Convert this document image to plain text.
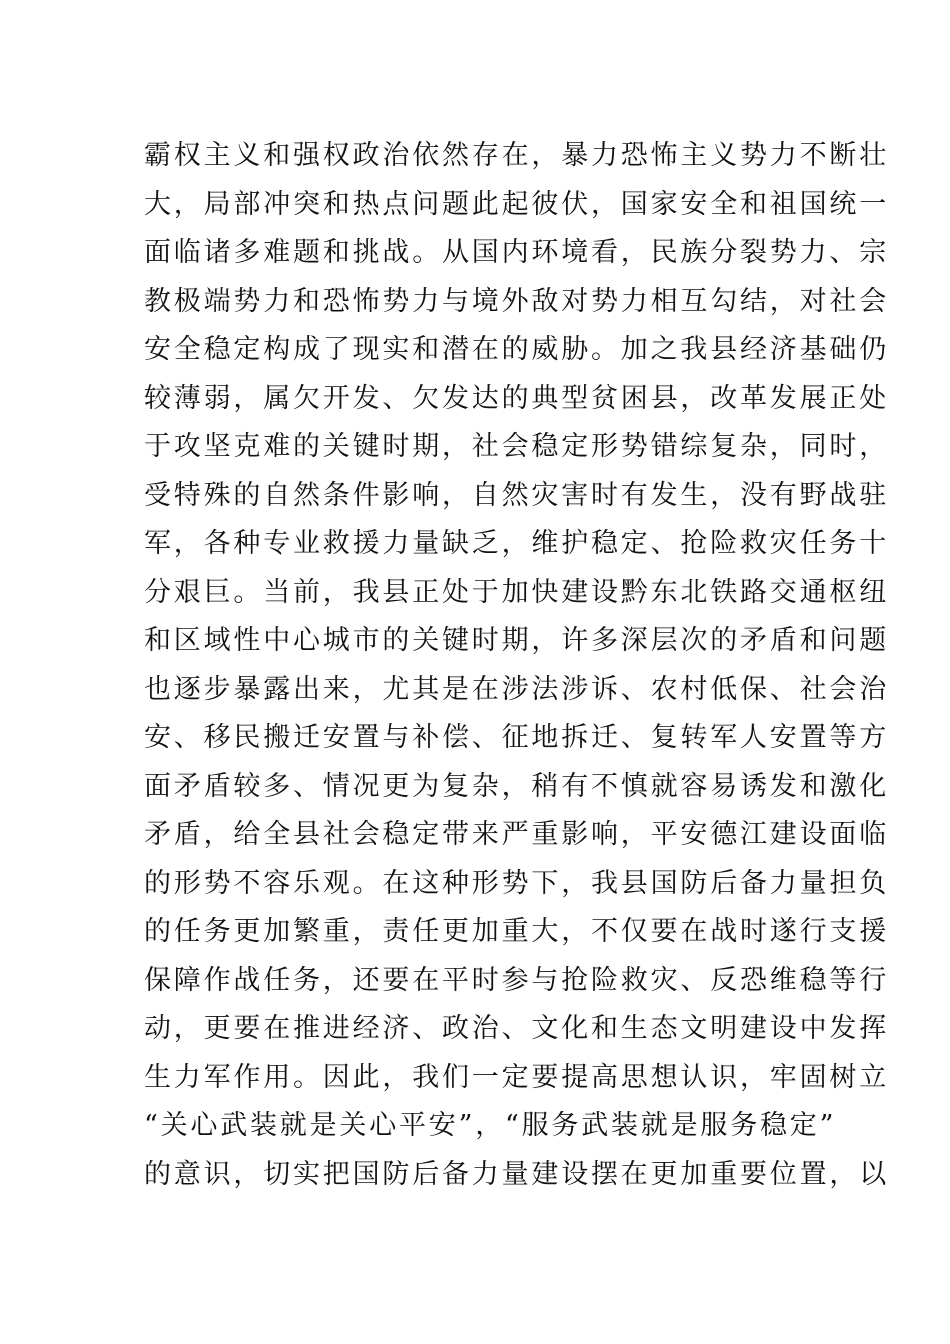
霸权主义和强权政治依然存在，暴力恐怖主义势力不断壮
大，局部冲突和热点问题此起彼伏，国家安全和祖国统一
面临诸多难题和挑战。从国内环境看，民族分裂势力、宗
教极端势力和恐怖势力与境外敌对势力相互勾结，对社会
安全稳定构成了现实和潜在的威胁。加之我县经济基础仍
较薄弱，属欠开发、欠发达的典型贫困县，改革发展正处
于攻坚克难的关键时期，社会稳定形势错综复杂，同时，
受特殊的自然条件影响，自然灾害时有发生，没有野战驻
军，各种专业救援力量缺乏，维护稳定、抢险救灾任务十
分艰巨。当前，我县正处于加快建设黔东北铁路交通枢纽
和区域性中心城市的关键时期，许多深层次的矛盾和问题
也逐步暴露出来，尤其是在涉法涉诉、农村低保、社会治
安、移民搬迁安置与补偿、征地拆迁、复转军人安置等方
面矛盾较多、情况更为复杂，稍有不慎就容易诱发和激化
矛盾，给全县社会稳定带来严重影响，平安德江建设面临
的形势不容乐观。在这种形势下，我县国防后备力量担负
的任务更加繁重，责任更加重大，不仅要在战时遂行支援
保障作战任务，还要在平时参与抢险救灾、反恐维稳等行
动，更要在推进经济、政治、文化和生态文明建设中发挥
生力军作用。因此，我们一定要提高思想认识，牢固树立
“关心武装就是关心平安”，“服务武装就是服务稳定”
的意识，切实把国防后备力量建设摆在更加重要位置，以
